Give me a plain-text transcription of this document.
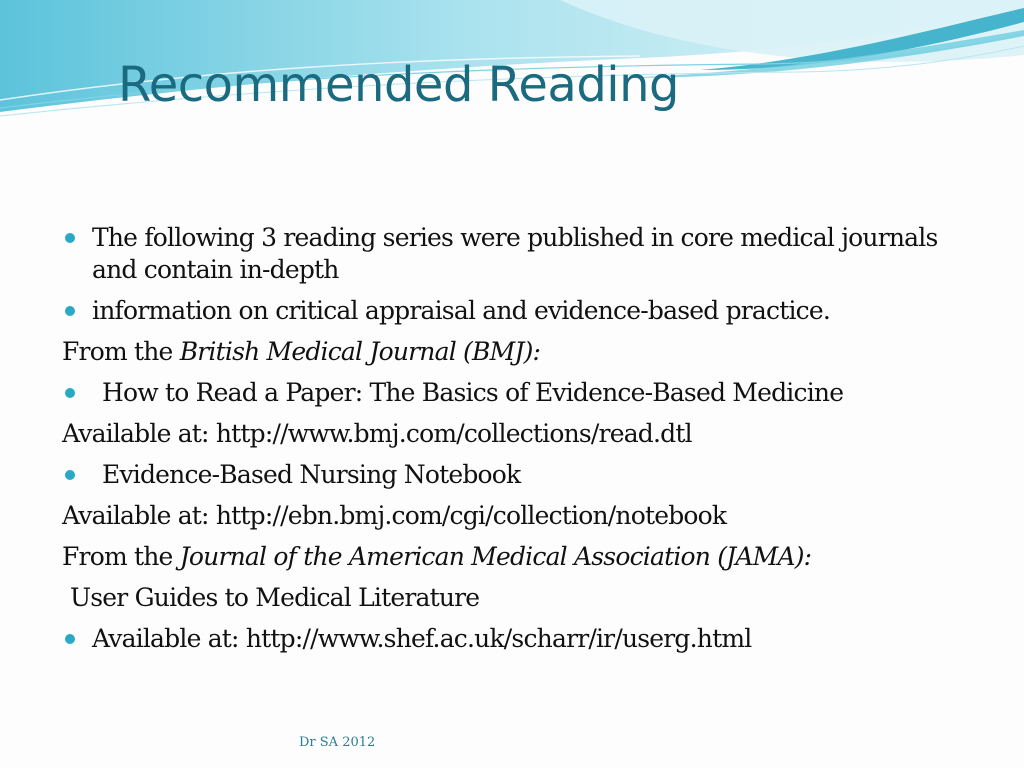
Recommended Reading
The following 3 reading series were published in core medical journals and contain in-depth
information on critical appraisal and evidence-based practice.
From the British Medical Journal (BMJ):
How to Read a Paper: The Basics of Evidence-Based Medicine
Available at: http://www.bmj.com/collections/read.dtl
Evidence-Based Nursing Notebook
Available at: http://ebn.bmj.com/cgi/collection/notebook
From the Journal of the American Medical Association (JAMA):
User Guides to Medical Literature
Available at: http://www.shef.ac.uk/scharr/ir/userg.html
Dr SA 2012
